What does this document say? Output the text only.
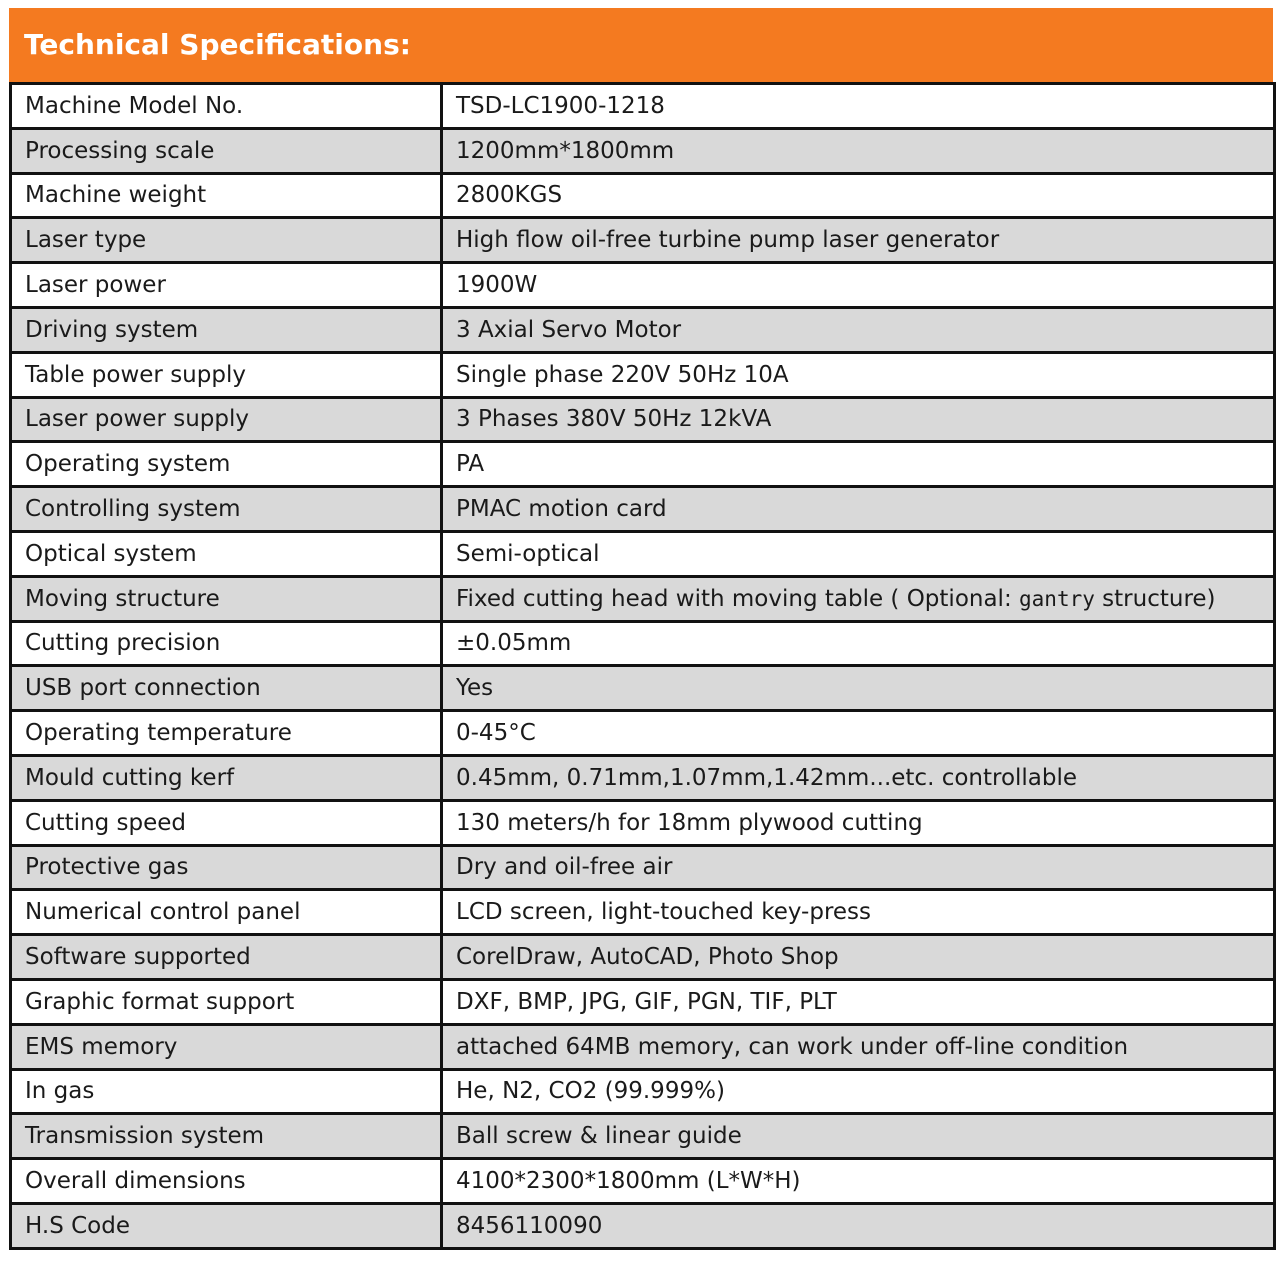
Technical Specifications:
Machine Model No.	TSD-LC1900-1218
Processing scale	1200mm*1800mm
Machine weight	2800KGS
Laser type	High flow oil-free turbine pump laser generator
Laser power	1900W
Driving system	3 Axial Servo Motor
Table power supply	Single phase 220V 50Hz 10A
Laser power supply	3 Phases 380V 50Hz 12kVA
Operating system	PA
Controlling system	PMAC motion card
Optical system	Semi-optical
Moving structure	Fixed cutting head with moving table ( Optional: gantry structure)
Cutting precision	±0.05mm
USB port connection	Yes
Operating temperature	0-45°C
Mould cutting kerf	0.45mm, 0.71mm,1.07mm,1.42mm...etc. controllable
Cutting speed	130 meters/h for 18mm plywood cutting
Protective gas	Dry and oil-free air
Numerical control panel	LCD screen, light-touched key-press
Software supported	CorelDraw, AutoCAD, Photo Shop
Graphic format support	DXF, BMP, JPG, GIF, PGN, TIF, PLT
EMS memory	attached 64MB memory, can work under off-line condition
In gas	He, N2, CO2 (99.999%)
Transmission system	Ball screw & linear guide
Overall dimensions	4100*2300*1800mm (L*W*H)
H.S Code	8456110090
